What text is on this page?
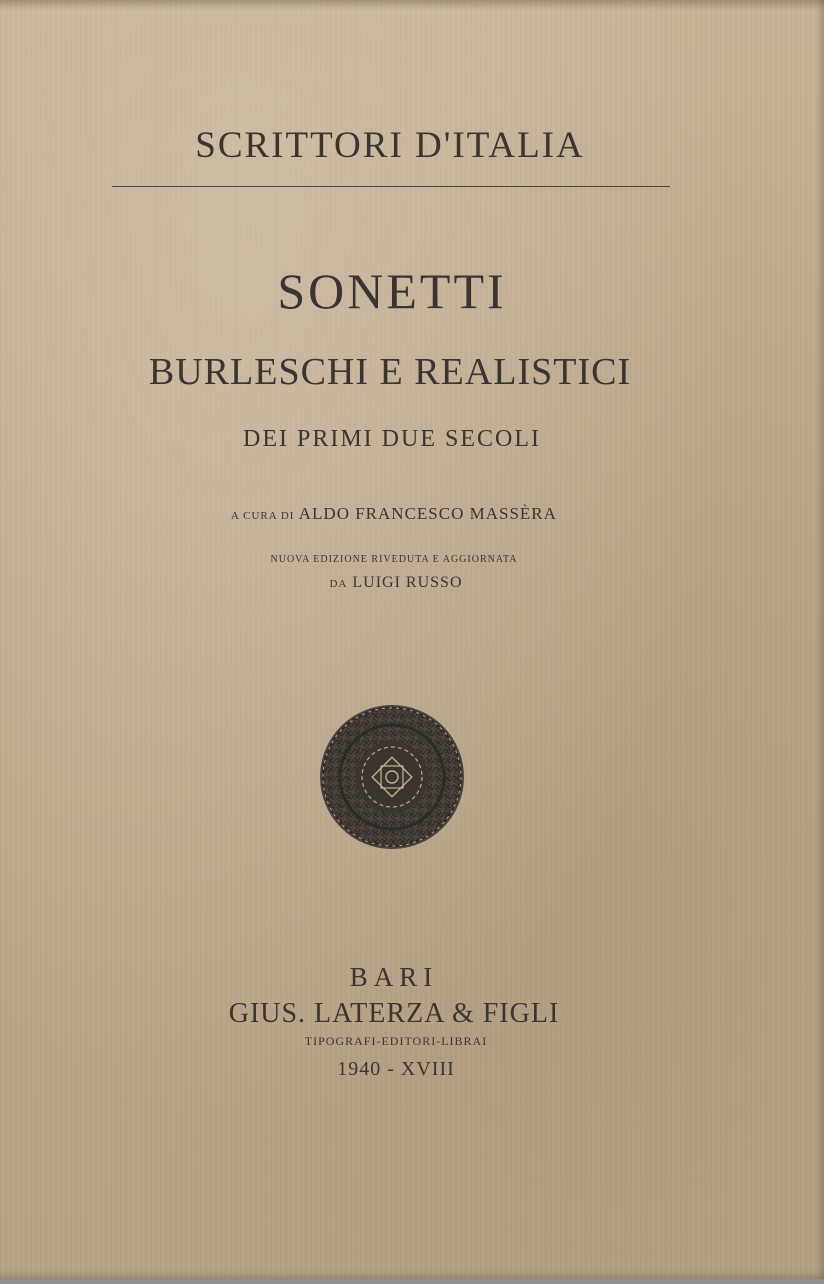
SCRITTORI D'ITALIA
SONETTI
BURLESCHI E REALISTICI
DEI PRIMI DUE SECOLI
A CURA DI ALDO FRANCESCO MASSÈRA
NUOVA EDIZIONE RIVEDUTA E AGGIORNATA
DA LUIGI RUSSO
BARI
GIUS. LATERZA & FIGLI
TIPOGRAFI-EDITORI-LIBRAI
1940 - XVIII
